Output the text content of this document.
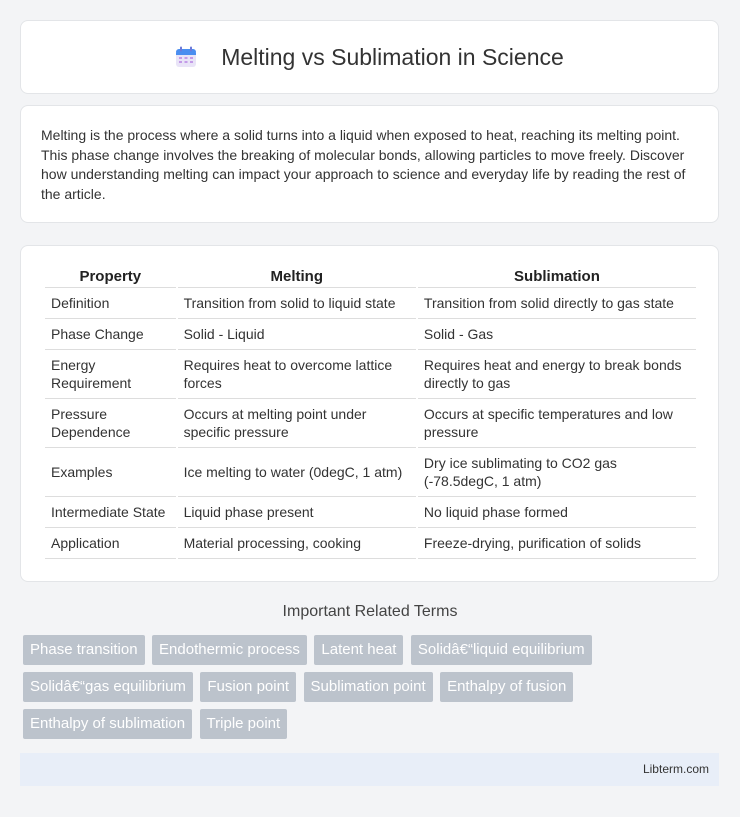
Melting vs Sublimation in Science

Melting is the process where a solid turns into a liquid when exposed to heat, reaching its melting point. This phase change involves the breaking of molecular bonds, allowing particles to move freely. Discover how understanding melting can impact your approach to science and everyday life by reading the rest of the article.

Property	Melting	Sublimation
Definition	Transition from solid to liquid state	Transition from solid directly to gas state
Phase Change	Solid - Liquid	Solid - Gas
Energy Requirement	Requires heat to overcome lattice forces	Requires heat and energy to break bonds directly to gas
Pressure Dependence	Occurs at melting point under specific pressure	Occurs at specific temperatures and low pressure
Examples	Ice melting to water (0degC, 1 atm)	Dry ice sublimating to CO2 gas (-78.5degC, 1 atm)
Intermediate State	Liquid phase present	No liquid phase formed
Application	Material processing, cooking	Freeze-drying, purification of solids
Important Related Terms
Phase transition Endothermic process Latent heat Solidâ€“liquid equilibrium Solidâ€“gas equilibrium Fusion point Sublimation point Enthalpy of fusion Enthalpy of sublimation Triple point
Libterm.com
